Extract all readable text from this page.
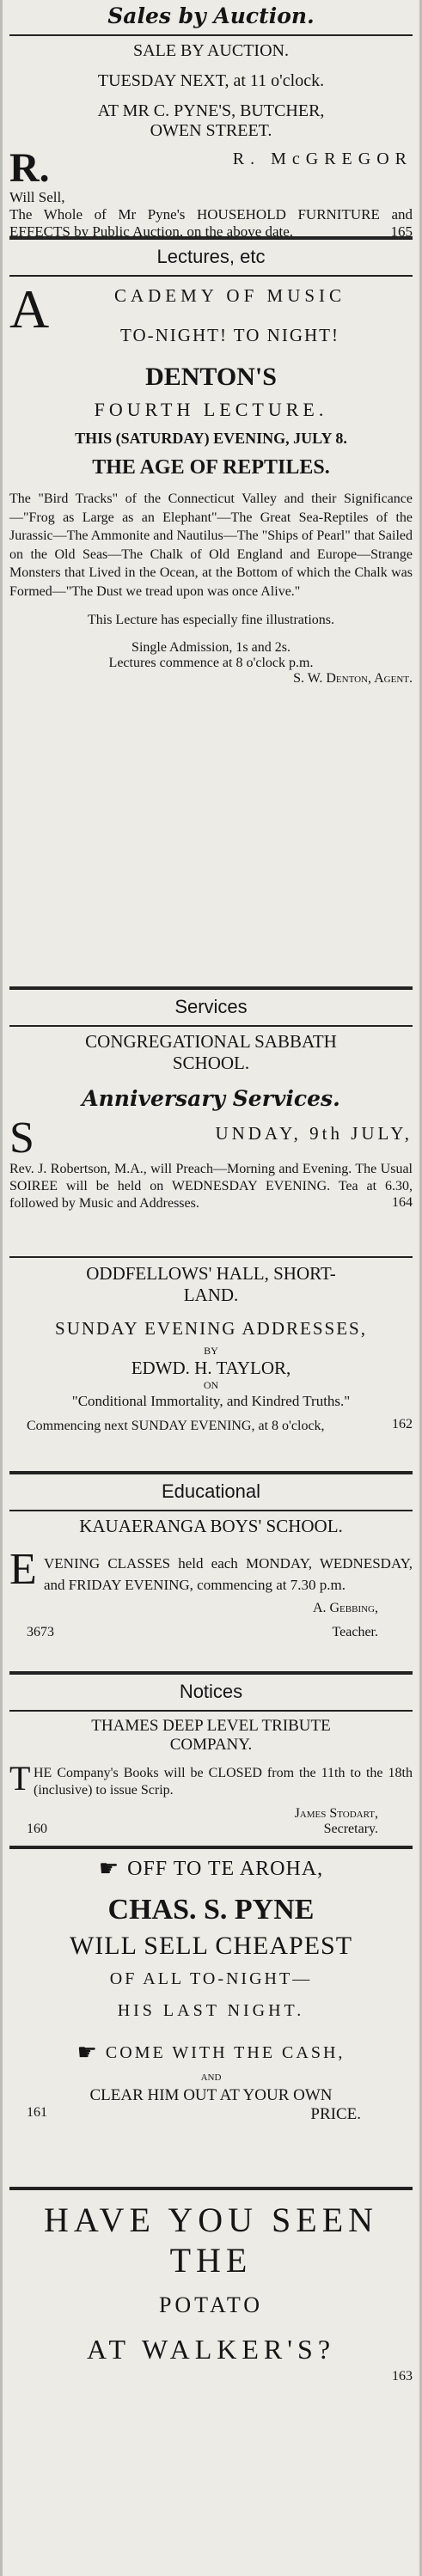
Sales by Auction.

SALE BY AUCTION.

TUESDAY NEXT, at 11 o'clock.

AT MR C. PYNE'S, BUTCHER,

OWEN STREET.

R.	R. McGREGOR

Will Sell,

The Whole of Mr Pyne's HOUSEHOLD FURNITURE and EFFECTS by Public Auction, on the above date.	165

Lectures, etc
A	CADEMY OF MUSIC
TO-NIGHT! TO NIGHT!

DENTON'S

FOURTH LECTURE.

THIS (SATURDAY) EVENING, JULY 8.

THE AGE OF REPTILES.

The "Bird Tracks" of the Connecticut Valley and their Significance—"Frog as Large as an Elephant"—The Great Sea-Reptiles of the Jurassic—The Ammonite and Nautilus—The "Ships of Pearl" that Sailed on the Old Seas—The Chalk of Old England and Europe—Strange Monsters that Lived in the Ocean, at the Bottom of which the Chalk was Formed—"The Dust we tread upon was once Alive."

This Lecture has especially fine illustrations.

Single Admission, 1s and 2s.

Lectures commence at 8 o'clock p.m.

S. W. Denton, Agent.

Services

CONGREGATIONAL SABBATH

SCHOOL.

Anniversary Services.

S	UNDAY, 9th JULY,

Rev. J. Robertson, M.A., will Preach—Morning and Evening. The Usual SOIREE will be held on WEDNESDAY EVENING. Tea at 6.30, followed by Music and Addresses.	164

ODDFELLOWS' HALL, SHORT-

LAND.

SUNDAY EVENING ADDRESSES,

BY

EDWD. H. TAYLOR,

ON

"Conditional Immortality, and Kindred Truths."

Commencing next SUNDAY EVENING, at 8 o'clock,	162

Educational

KAUAERANGA BOYS' SCHOOL.

E VENING CLASSES held each MONDAY, WEDNESDAY, and FRIDAY EVENING, commencing at 7.30 p.m.

A. Gebbing,

3673	Teacher.
Notices

THAMES DEEP LEVEL TRIBUTE

COMPANY.

T HE Company's Books will be CLOSED from the 11th to the 18th (inclusive) to issue Scrip.

James Stodart,

160	Secretary.
☛ OFF TO TE AROHA,

CHAS. S. PYNE

WILL SELL CHEAPEST

OF ALL TO-NIGHT—

HIS LAST NIGHT.

☛ COME WITH THE CASH,

AND

CLEAR HIM OUT AT YOUR OWN

161	PRICE.

HAVE YOU SEEN THE

POTATO

AT WALKER'S?

163
